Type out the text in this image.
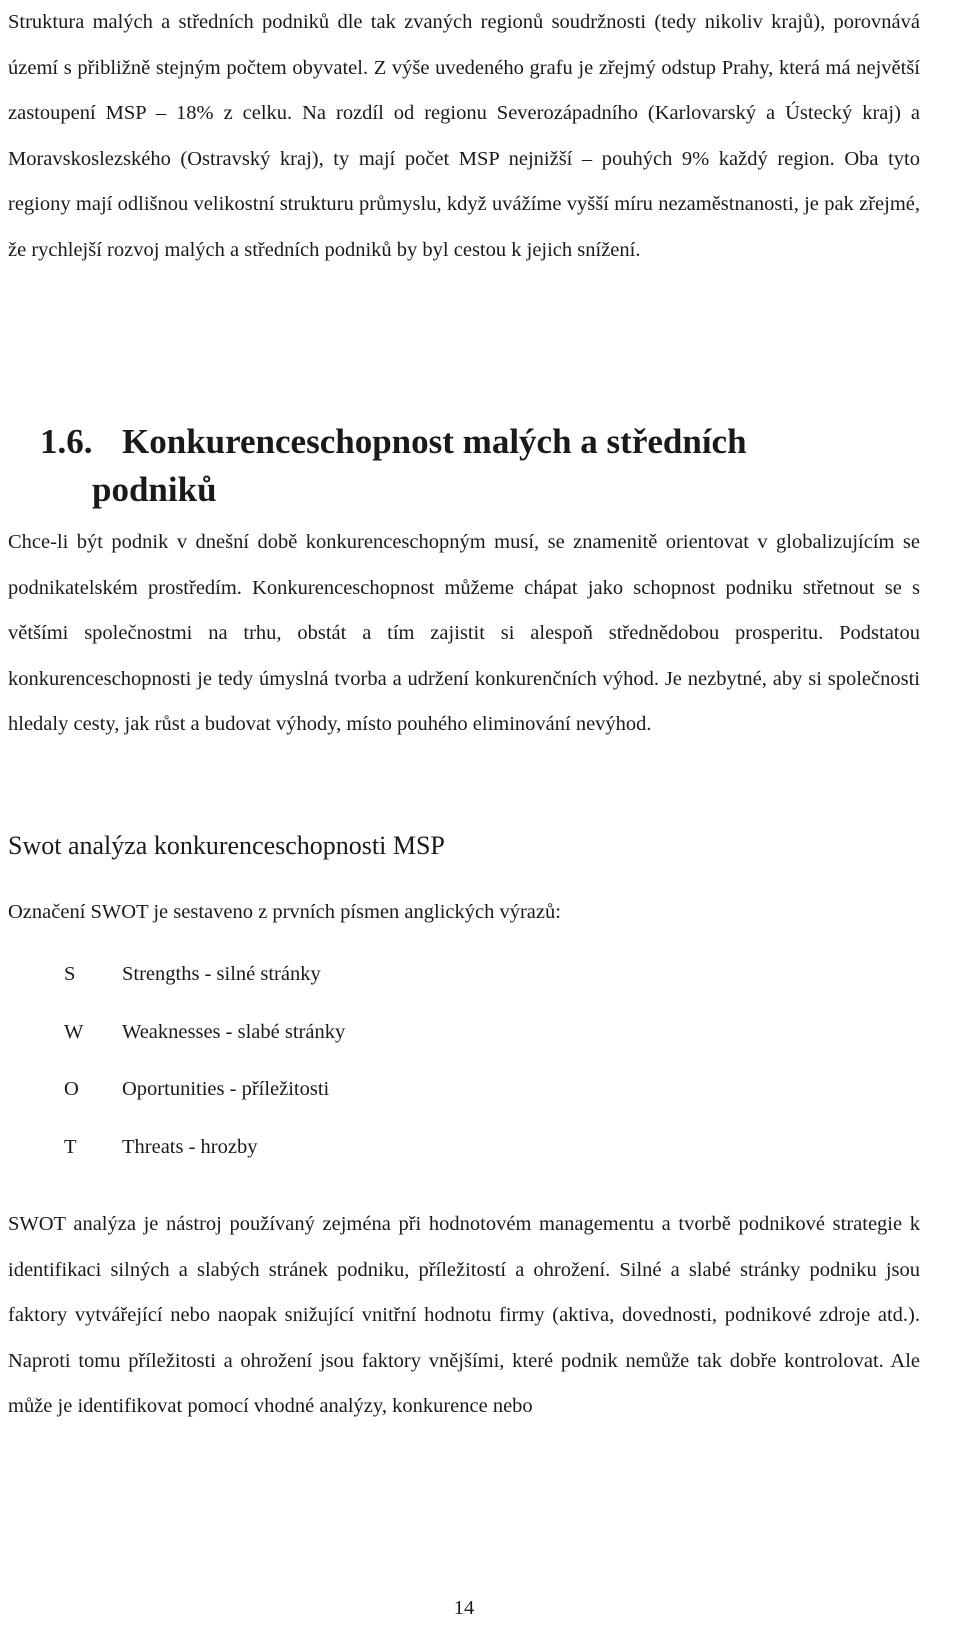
Struktura malých a středních podniků dle tak zvaných regionů soudržnosti (tedy nikoliv krajů), porovnává území s přibližně stejným počtem obyvatel. Z výše uvedeného grafu je zřejmý odstup Prahy, která má největší zastoupení MSP – 18% z celku. Na rozdíl od regionu Severozápadního (Karlovarský a Ústecký kraj) a Moravskoslezského (Ostravský kraj), ty mají počet MSP nejnižší – pouhých 9% každý region. Oba tyto regiony mají odlišnou velikostní strukturu průmyslu, když uvážíme vyšší míru nezaměstnanosti, je pak zřejmé, že rychlejší rozvoj malých a středních podniků by byl cestou k jejich snížení.

1.6. Konkurenceschopnost malých a středních
podniků

Chce-li být podnik v dnešní době konkurenceschopným musí, se znamenitě orientovat v globalizujícím se podnikatelském prostředím. Konkurenceschopnost můžeme chápat jako schopnost podniku střetnout se s většími společnostmi na trhu, obstát a tím zajistit si alespoň střednědobou prosperitu. Podstatou konkurenceschopnosti je tedy úmyslná tvorba a udržení konkurenčních výhod. Je nezbytné, aby si společnosti hledaly cesty, jak růst a budovat výhody, místo pouhého eliminování nevýhod.

Swot analýza konkurenceschopnosti MSP

Označení SWOT je sestaveno z prvních písmen anglických výrazů:

S	Strengths - silné stránky
W	Weaknesses - slabé stránky
O	Oportunities - příležitosti
T	Threats - hrozby

SWOT analýza je nástroj používaný zejména při hodnotovém managementu a tvorbě podnikové strategie k identifikaci silných a slabých stránek podniku, příležitostí a ohrožení. Silné a slabé stránky podniku jsou faktory vytvářející nebo naopak snižující vnitřní hodnotu firmy (aktiva, dovednosti, podnikové zdroje atd.). Naproti tomu příležitosti a ohrožení jsou faktory vnějšími, které podnik nemůže tak dobře kontrolovat. Ale může je identifikovat pomocí vhodné analýzy, konkurence nebo

14
